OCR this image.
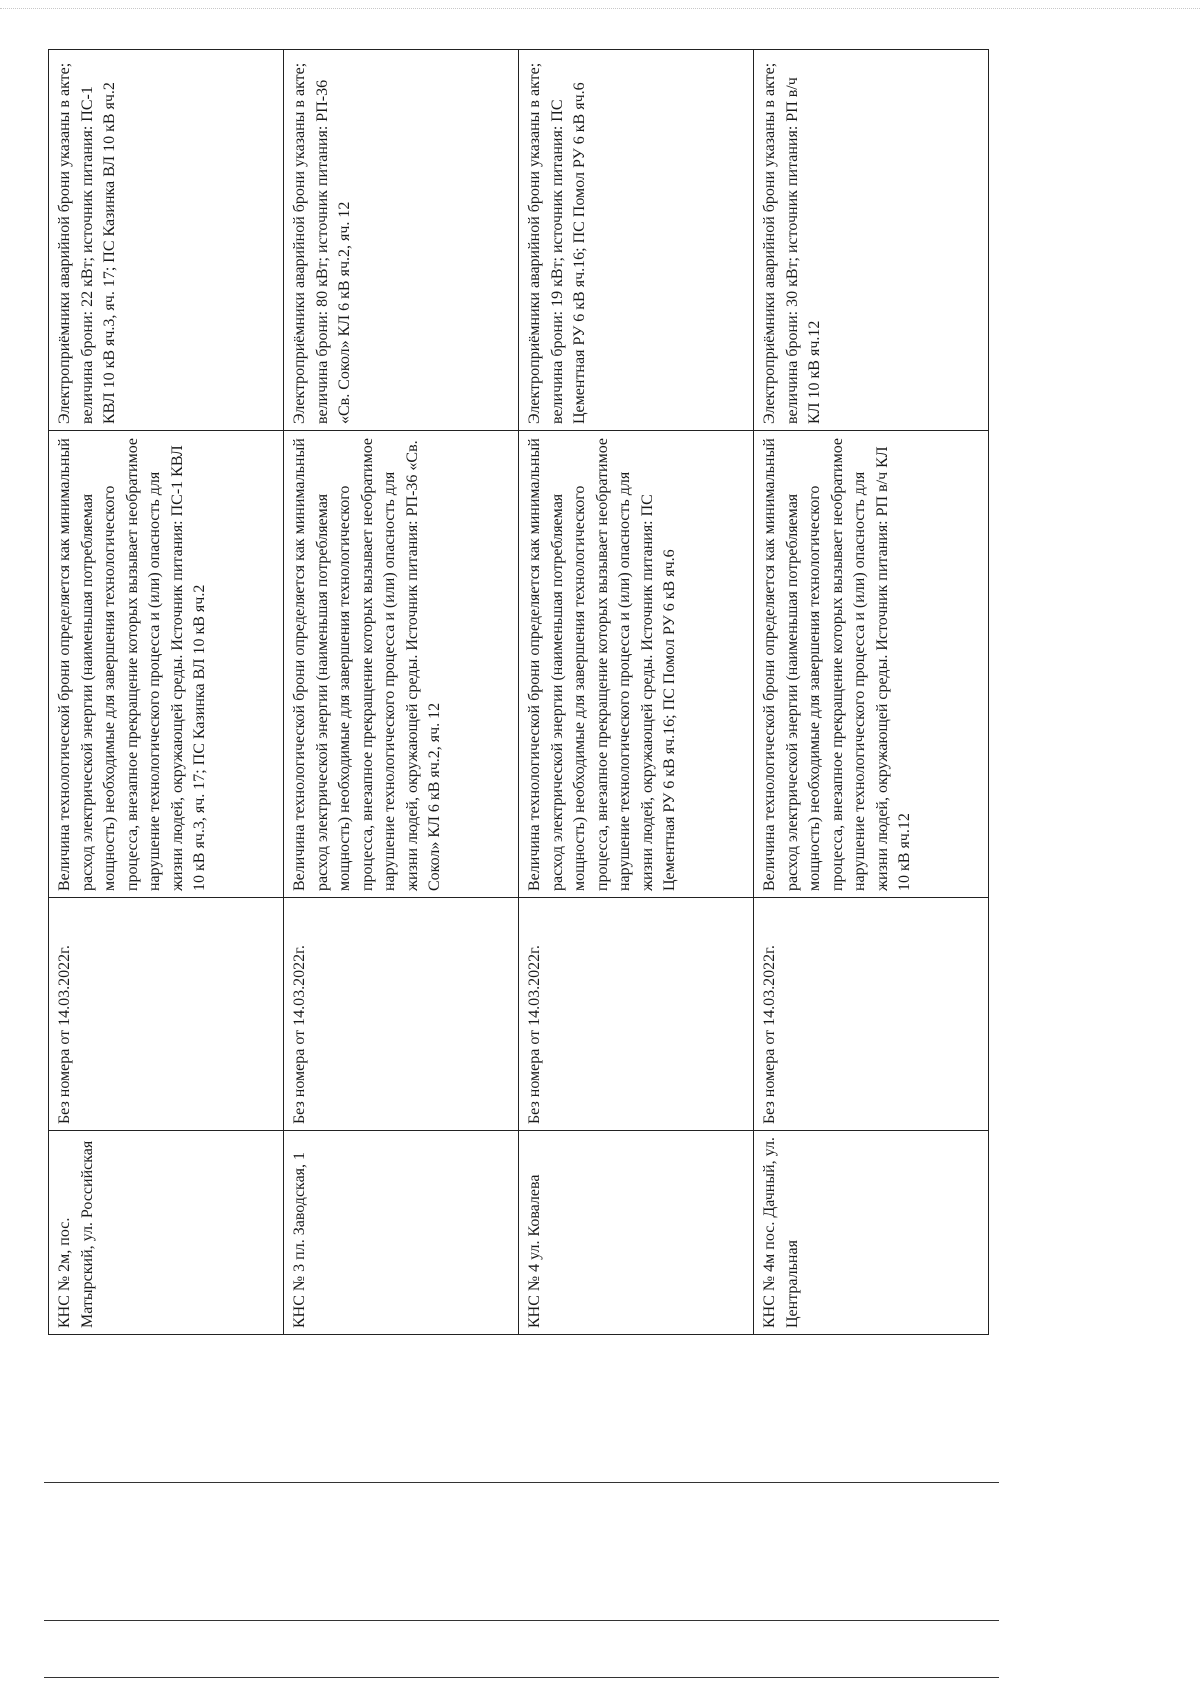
КНС № 2м, пос. Матырский, ул. Российская	Без номера от 14.03.2022г.	Величина технологической брони определяется как минимальный расход электрической энергии (наименьшая потребляемая мощность) необходимые для завершения технологического процесса, внезапное прекращение которых вызывает необратимое нарушение технологического процесса и (или) опасность для жизни людей, окружающей среды. Источник питания: ПС-1 КВЛ 10 кВ яч.3, яч. 17; ПС Казинка ВЛ 10 кВ яч.2	Электроприёмники аварийной брони указаны в акте; величина брони: 22 кВт; источник питания: ПС-1 КВЛ 10 кВ яч.3, яч. 17; ПС Казинка ВЛ 10 кВ яч.2
КНС № 3 пл. Заводская, 1	Без номера от 14.03.2022г.	Величина технологической брони определяется как минимальный расход электрической энергии (наименьшая потребляемая мощность) необходимые для завершения технологического процесса, внезапное прекращение которых вызывает необратимое нарушение технологического процесса и (или) опасность для жизни людей, окружающей среды. Источник питания: РП-36 «Св. Сокол» КЛ 6 кВ яч.2, яч. 12	Электроприёмники аварийной брони указаны в акте; величина брони: 80 кВт; источник питания: РП-36 «Св. Сокол» КЛ 6 кВ яч.2, яч. 12
КНС № 4 ул. Ковалева	Без номера от 14.03.2022г.	Величина технологической брони определяется как минимальный расход электрической энергии (наименьшая потребляемая мощность) необходимые для завершения технологического процесса, внезапное прекращение которых вызывает необратимое нарушение технологического процесса и (или) опасность для жизни людей, окружающей среды. Источник питания: ПС Цементная РУ 6 кВ яч.16; ПС Помол РУ 6 кВ яч.6	Электроприёмники аварийной брони указаны в акте; величина брони: 19 кВт; источник питания: ПС Цементная РУ 6 кВ яч.16; ПС Помол РУ 6 кВ яч.6
КНС № 4м пос. Дачный, ул. Центральная	Без номера от 14.03.2022г.	Величина технологической брони определяется как минимальный расход электрической энергии (наименьшая потребляемая мощность) необходимые для завершения технологического процесса, внезапное прекращение которых вызывает необратимое нарушение технологического процесса и (или) опасность для жизни людей, окружающей среды. Источник питания: РП в/ч КЛ 10 кВ яч.12	Электроприёмники аварийной брони указаны в акте; величина брони: 30 кВт; источник питания: РП в/ч КЛ 10 кВ яч.12
